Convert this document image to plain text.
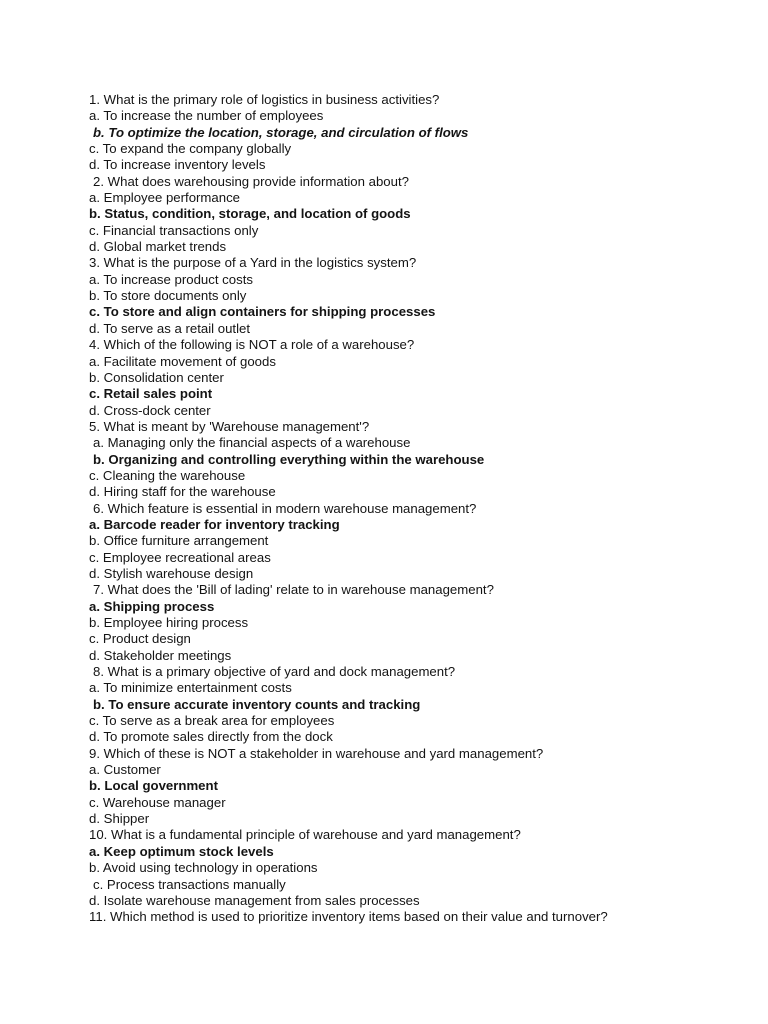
1. What is the primary role of logistics in business activities?
a. To increase the number of employees
b. To optimize the location, storage, and circulation of flows
c. To expand the company globally
d. To increase inventory levels
2. What does warehousing provide information about?
a. Employee performance
b. Status, condition, storage, and location of goods
c. Financial transactions only
d. Global market trends
3. What is the purpose of a Yard in the logistics system?
a. To increase product costs
b. To store documents only
c. To store and align containers for shipping processes
d. To serve as a retail outlet
4. Which of the following is NOT a role of a warehouse?
a. Facilitate movement of goods
b. Consolidation center
c. Retail sales point
d. Cross-dock center
5. What is meant by 'Warehouse management'?
a. Managing only the financial aspects of a warehouse
b. Organizing and controlling everything within the warehouse
c. Cleaning the warehouse
d. Hiring staff for the warehouse
6. Which feature is essential in modern warehouse management?
a. Barcode reader for inventory tracking
b. Office furniture arrangement
c. Employee recreational areas
d. Stylish warehouse design
7. What does the 'Bill of lading' relate to in warehouse management?
a. Shipping process
b. Employee hiring process
c. Product design
d. Stakeholder meetings
8. What is a primary objective of yard and dock management?
a. To minimize entertainment costs
b. To ensure accurate inventory counts and tracking
c. To serve as a break area for employees
d. To promote sales directly from the dock
9. Which of these is NOT a stakeholder in warehouse and yard management?
a. Customer
b. Local government
c. Warehouse manager
d. Shipper
10. What is a fundamental principle of warehouse and yard management?
a. Keep optimum stock levels
b. Avoid using technology in operations
c. Process transactions manually
d. Isolate warehouse management from sales processes
11. Which method is used to prioritize inventory items based on their value and turnover?
